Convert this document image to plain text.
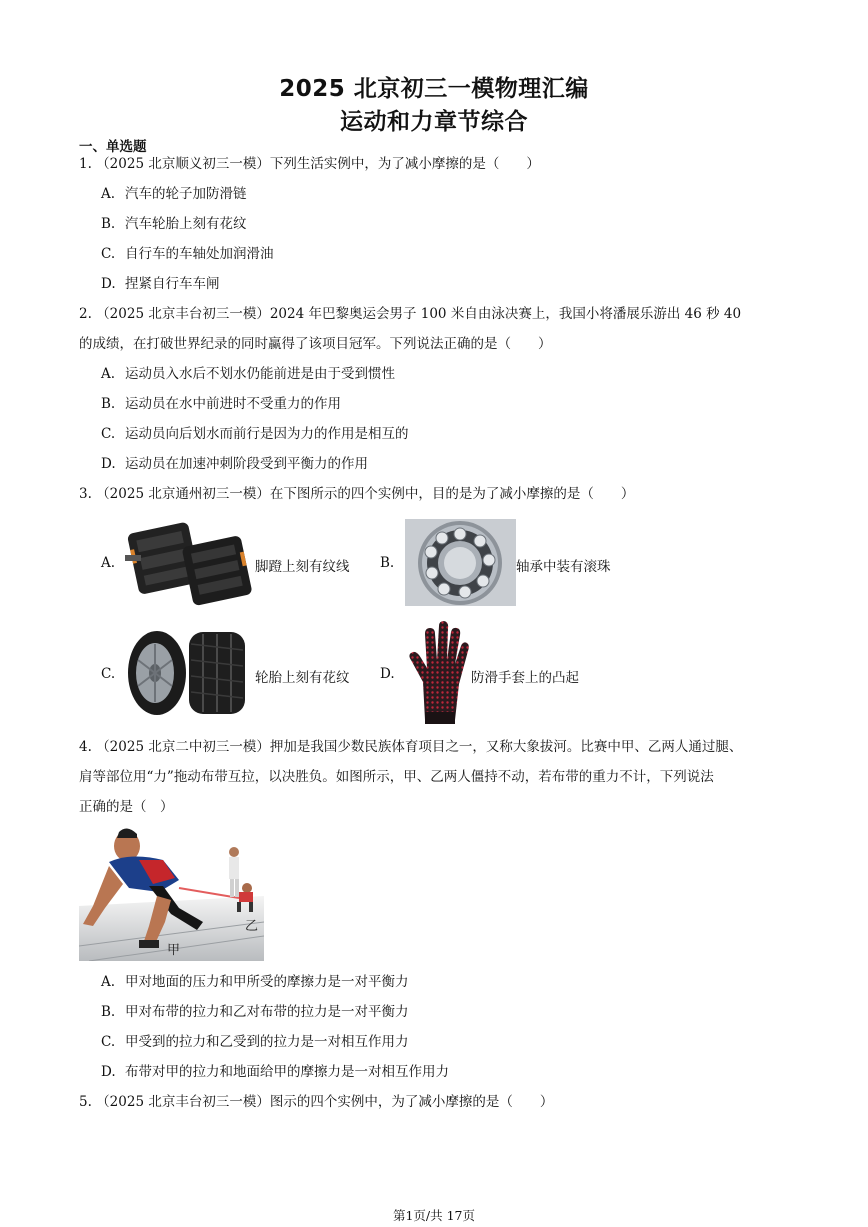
2025 北京初三一模物理汇编
运动和力章节综合
一、单选题
1. （2025 北京顺义初三一模）下列生活实例中，为了减小摩擦的是（　　）
A. 汽车的轮子加防滑链
B. 汽车轮胎上刻有花纹
C. 自行车的车轴处加润滑油
D. 捏紧自行车车闸
2. （2025 北京丰台初三一模）2024 年巴黎奥运会男子 100 米自由泳决赛上，我国小将潘展乐游出 46 秒 40
的成绩，在打破世界纪录的同时赢得了该项目冠军。下列说法正确的是（　　）
A. 运动员入水后不划水仍能前进是由于受到惯性
B. 运动员在水中前进时不受重力的作用
C. 运动员向后划水而前行是因为力的作用是相互的
D. 运动员在加速冲刺阶段受到平衡力的作用
3. （2025 北京通州初三一模）在下图所示的四个实例中，目的是为了减小摩擦的是（　　）
A.	脚蹬上刻有纹线 B.	轴承中装有滚珠
C.	轮胎上刻有花纹 D.	防滑手套上的凸起
4. （2025 北京二中初三一模）押加是我国少数民族体育项目之一，又称大象拔河。比赛中甲、乙两人通过腿、
肩等部位用“力”拖动布带互拉，以决胜负。如图所示，甲、乙两人僵持不动，若布带的重力不计，下列说法
正确的是（　）
甲
乙
A. 甲对地面的压力和甲所受的摩擦力是一对平衡力
B. 甲对布带的拉力和乙对布带的拉力是一对平衡力
C. 甲受到的拉力和乙受到的拉力是一对相互作用力
D. 布带对甲的拉力和地面给甲的摩擦力是一对相互作用力
5. （2025 北京丰台初三一模）图示的四个实例中，为了减小摩擦的是（　　）
第1页/共 17页
